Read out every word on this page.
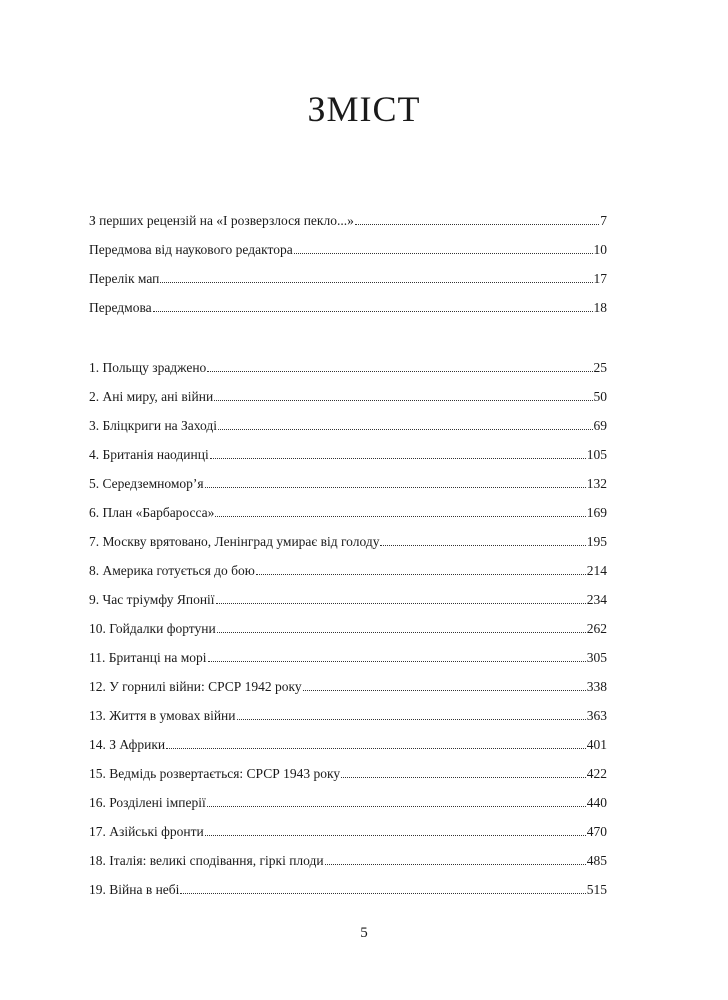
ЗМІСТ
З перших рецензій на «І розверзлося пекло...»	7
Передмова від наукового редактора	10
Перелік мап	17
Передмова	18
1. Польщу зраджено	25
2. Ані миру, ані війни	50
3. Бліцкриги на Заході	69
4. Британія наодинці	105
5. Середземномор’я	132
6. План «Барбаросса»	169
7. Москву врятовано, Ленінград умирає від голоду	195
8. Америка готується до бою	214
9. Час тріумфу Японії	234
10. Гойдалки фортуни	262
11. Британці на морі	305
12. У горнилі війни: СРСР 1942 року	338
13. Життя в умовах війни	363
14. З Африки	401
15. Ведмідь розвертається: СРСР 1943 року	422
16. Розділені імперії	440
17. Азійські фронти	470
18. Італія: великі сподівання, гіркі плоди	485
19. Війна в небі	515
5
